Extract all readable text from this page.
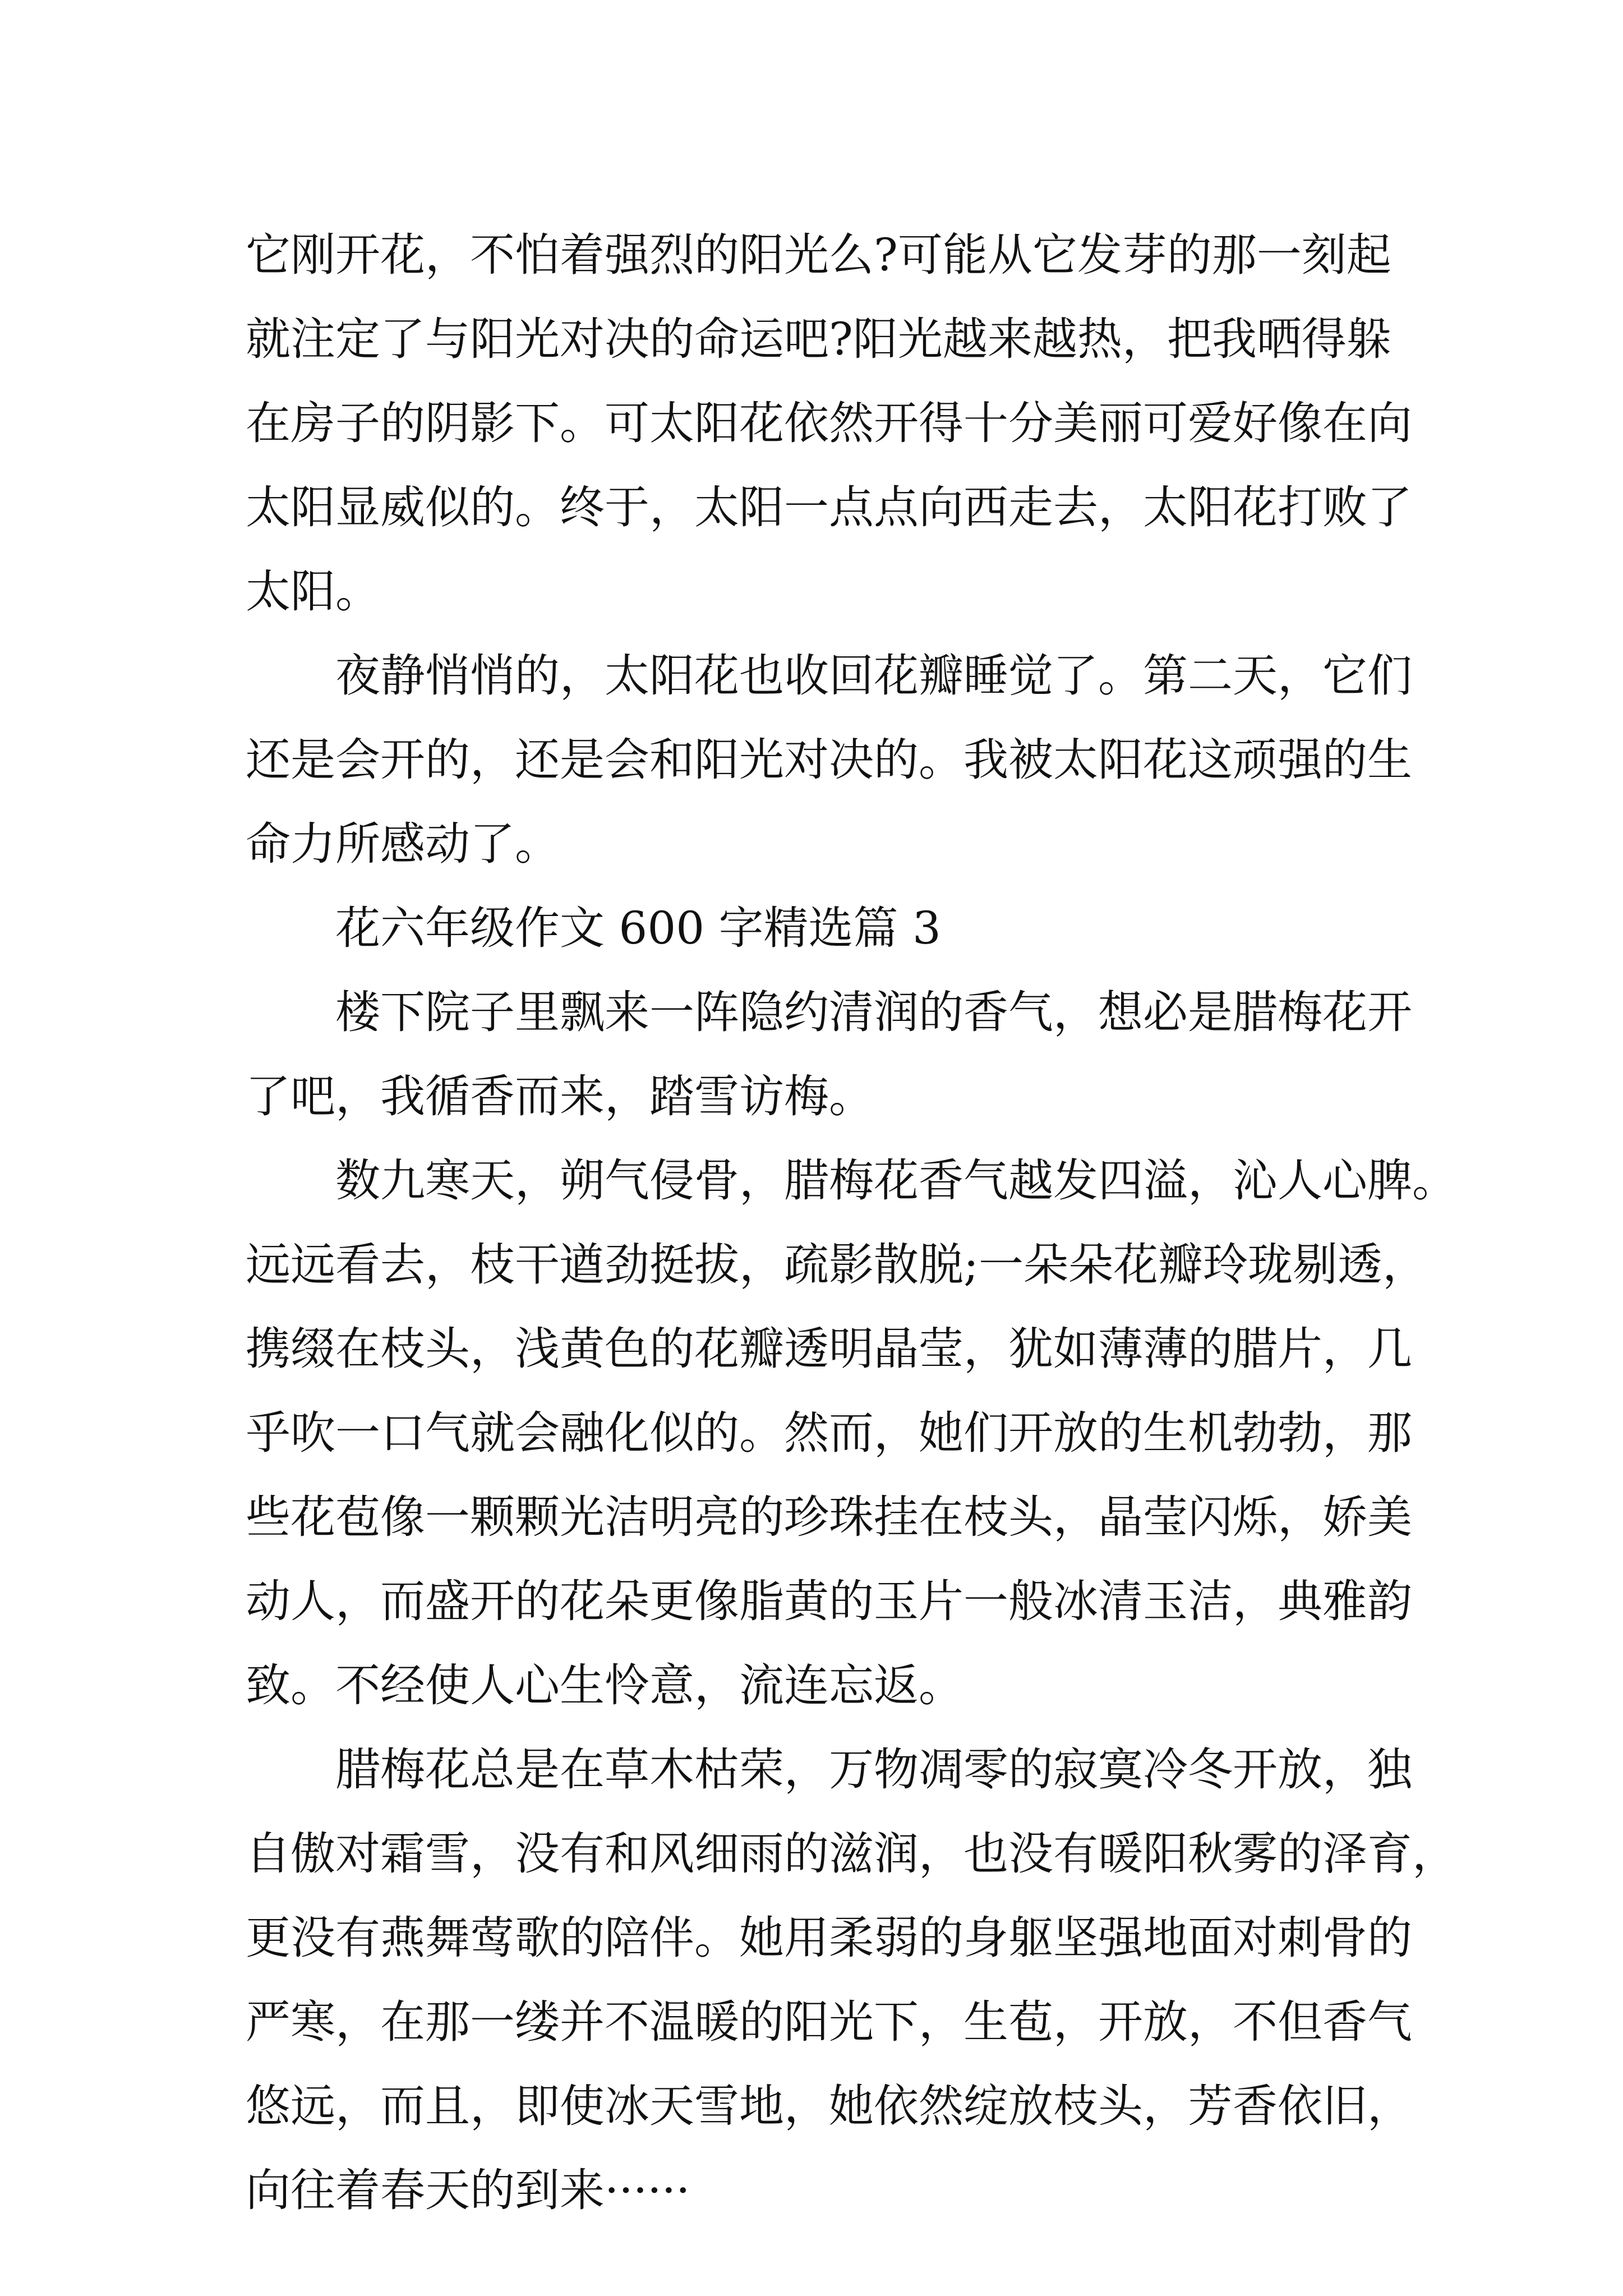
它刚开花，不怕着强烈的阳光么?可能从它发芽的那一刻起
就注定了与阳光对决的命运吧?阳光越来越热，把我晒得躲
在房子的阴影下。可太阳花依然开得十分美丽可爱好像在向
太阳显威似的。终于，太阳一点点向西走去，太阳花打败了
太阳。
夜静悄悄的，太阳花也收回花瓣睡觉了。第二天，它们
还是会开的，还是会和阳光对决的。我被太阳花这顽强的生
命力所感动了。
花六年级作文 600 字精选篇 3
楼下院子里飘来一阵隐约清润的香气，想必是腊梅花开
了吧，我循香而来，踏雪访梅。
数九寒天，朔气侵骨，腊梅花香气越发四溢，沁人心脾。
远远看去，枝干遒劲挺拔，疏影散脱;一朵朵花瓣玲珑剔透，
携缀在枝头，浅黄色的花瓣透明晶莹，犹如薄薄的腊片，几
乎吹一口气就会融化似的。然而，她们开放的生机勃勃，那
些花苞像一颗颗光洁明亮的珍珠挂在枝头，晶莹闪烁，娇美
动人，而盛开的花朵更像脂黄的玉片一般冰清玉洁，典雅韵
致。不经使人心生怜意，流连忘返。
腊梅花总是在草木枯荣，万物凋零的寂寞冷冬开放，独
自傲对霜雪，没有和风细雨的滋润，也没有暖阳秋雾的泽育，
更没有燕舞莺歌的陪伴。她用柔弱的身躯坚强地面对刺骨的
严寒，在那一缕并不温暖的阳光下，生苞，开放，不但香气
悠远，而且，即使冰天雪地，她依然绽放枝头，芳香依旧，
向往着春天的到来······
